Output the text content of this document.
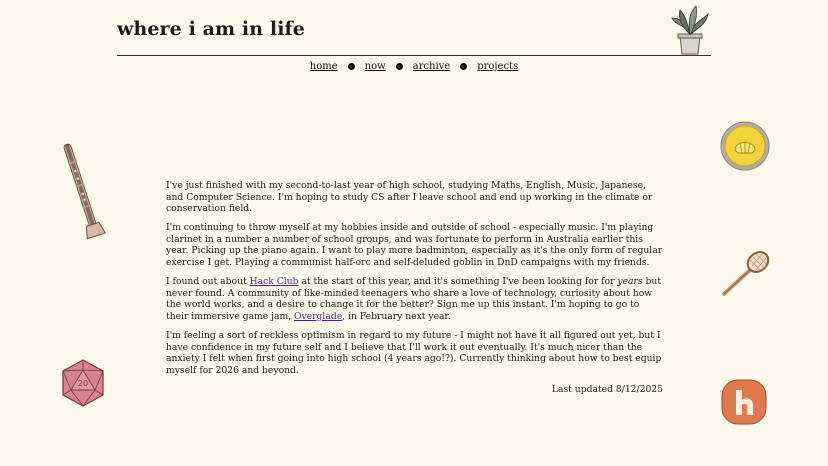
where i am in life
home	now	archive	projects

I've just finished with my second-to-last year of high school, studying Maths, English, Music, Japanese, and Computer Science. I'm hoping to study CS after I leave school and end up working in the climate or conservation field.

I'm continuing to throw myself at my hobbies inside and outside of school - especially music. I'm playing clarinet in a number a number of school groups, and was fortunate to perform in Australia earlier this year. Picking up the piano again. I want to play more badminton, especially as it's the only form of regular exercise I get. Playing a communist half-orc and self-deluded goblin in DnD campaigns with my friends.

I found out about Hack Club at the start of this year, and it's something I've been looking for for years but never found. A community of like-minded teenagers who share a love of technology, curiosity about how the world works, and a desire to change it for the better? Sign me up this instant. I'm hoping to go to their immersive game jam, Overglade, in February next year.

I'm feeling a sort of reckless optimism in regard to my future - I might not have it all figured out yet, but I have confidence in my future self and I believe that I'll work it out eventually. It's much nicer than the anxiety I felt when first going into high school (4 years ago!?). Currently thinking about how to best equip myself for 2026 and beyond.

Last updated 8/12/2025
20
